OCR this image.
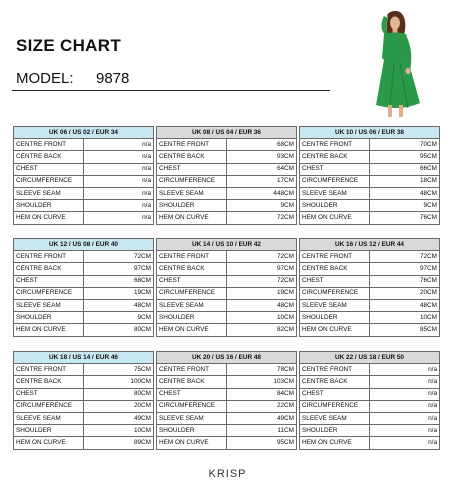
SIZE CHART
MODEL: 9878
UK 06 / US 02 / EUR 34	
CENTRE FRONT	n/a
CENTRE BACK	n/a
CHEST	n/a
CIRCUMFERENCE	n/a
SLEEVE SEAM	n/a
SHOULDER	n/a
HEM ON CURVE	n/a
UK 08 / US 04 / EUR 36	
CENTRE FRONT	68CM
CENTRE BACK	93CM
CHEST	64CM
CIRCUMFERENCE	17CM
SLEEVE SEAM	448CM
SHOULDER	9CM
HEM ON CURVE	72CM
UK 10 / US 06 / EUR 38	
CENTRE FRONT	70CM
CENTRE BACK	95CM
CHEST	66CM
CIRCUMFERENCE	18CM
SLEEVE SEAM	48CM
SHOULDER	9CM
HEM ON CURVE	76CM
UK 12 / US 08 / EUR 40	
CENTRE FRONT	72CM
CENTRE BACK	97CM
CHEST	68CM
CIRCUMFERENCE	19CM
SLEEVE SEAM	48CM
SHOULDER	9CM
HEM ON CURVE	80CM
UK 14 / US 10 / EUR 42	
CENTRE FRONT	72CM
CENTRE BACK	97CM
CHEST	72CM
CIRCUMFERENCE	19CM
SLEEVE SEAM	48CM
SHOULDER	10CM
HEM ON CURVE	82CM
UK 16 / US 12 / EUR 44	
CENTRE FRONT	72CM
CENTRE BACK	97CM
CHEST	76CM
CIRCUMFERENCE	20CM
SLEEVE SEAM	48CM
SHOULDER	10CM
HEM ON CURVE	85CM
UK 18 / US 14 / EUR 46	
CENTRE FRONT	75CM
CENTRE BACK	100CM
CHEST	80CM
CIRCUMFERENCE	20CM
SLEEVE SEAM	49CM
SHOULDER	10CM
HEM ON CURVE	89CM
UK 20 / US 16 / EUR 48	
CENTRE FRONT	78CM
CENTRE BACK	103CM
CHEST	84CM
CIRCUMFERENCE	22CM
SLEEVE SEAM	49CM
SHOULDER	11CM
HEM ON CURVE	95CM
UK 22 / US 18 / EUR 50	
CENTRE FRONT	n/a
CENTRE BACK	n/a
CHEST	n/a
CIRCUMFERENCE	n/a
SLEEVE SEAM	n/a
SHOULDER	n/a
HEM ON CURVE	n/a
KRISP
